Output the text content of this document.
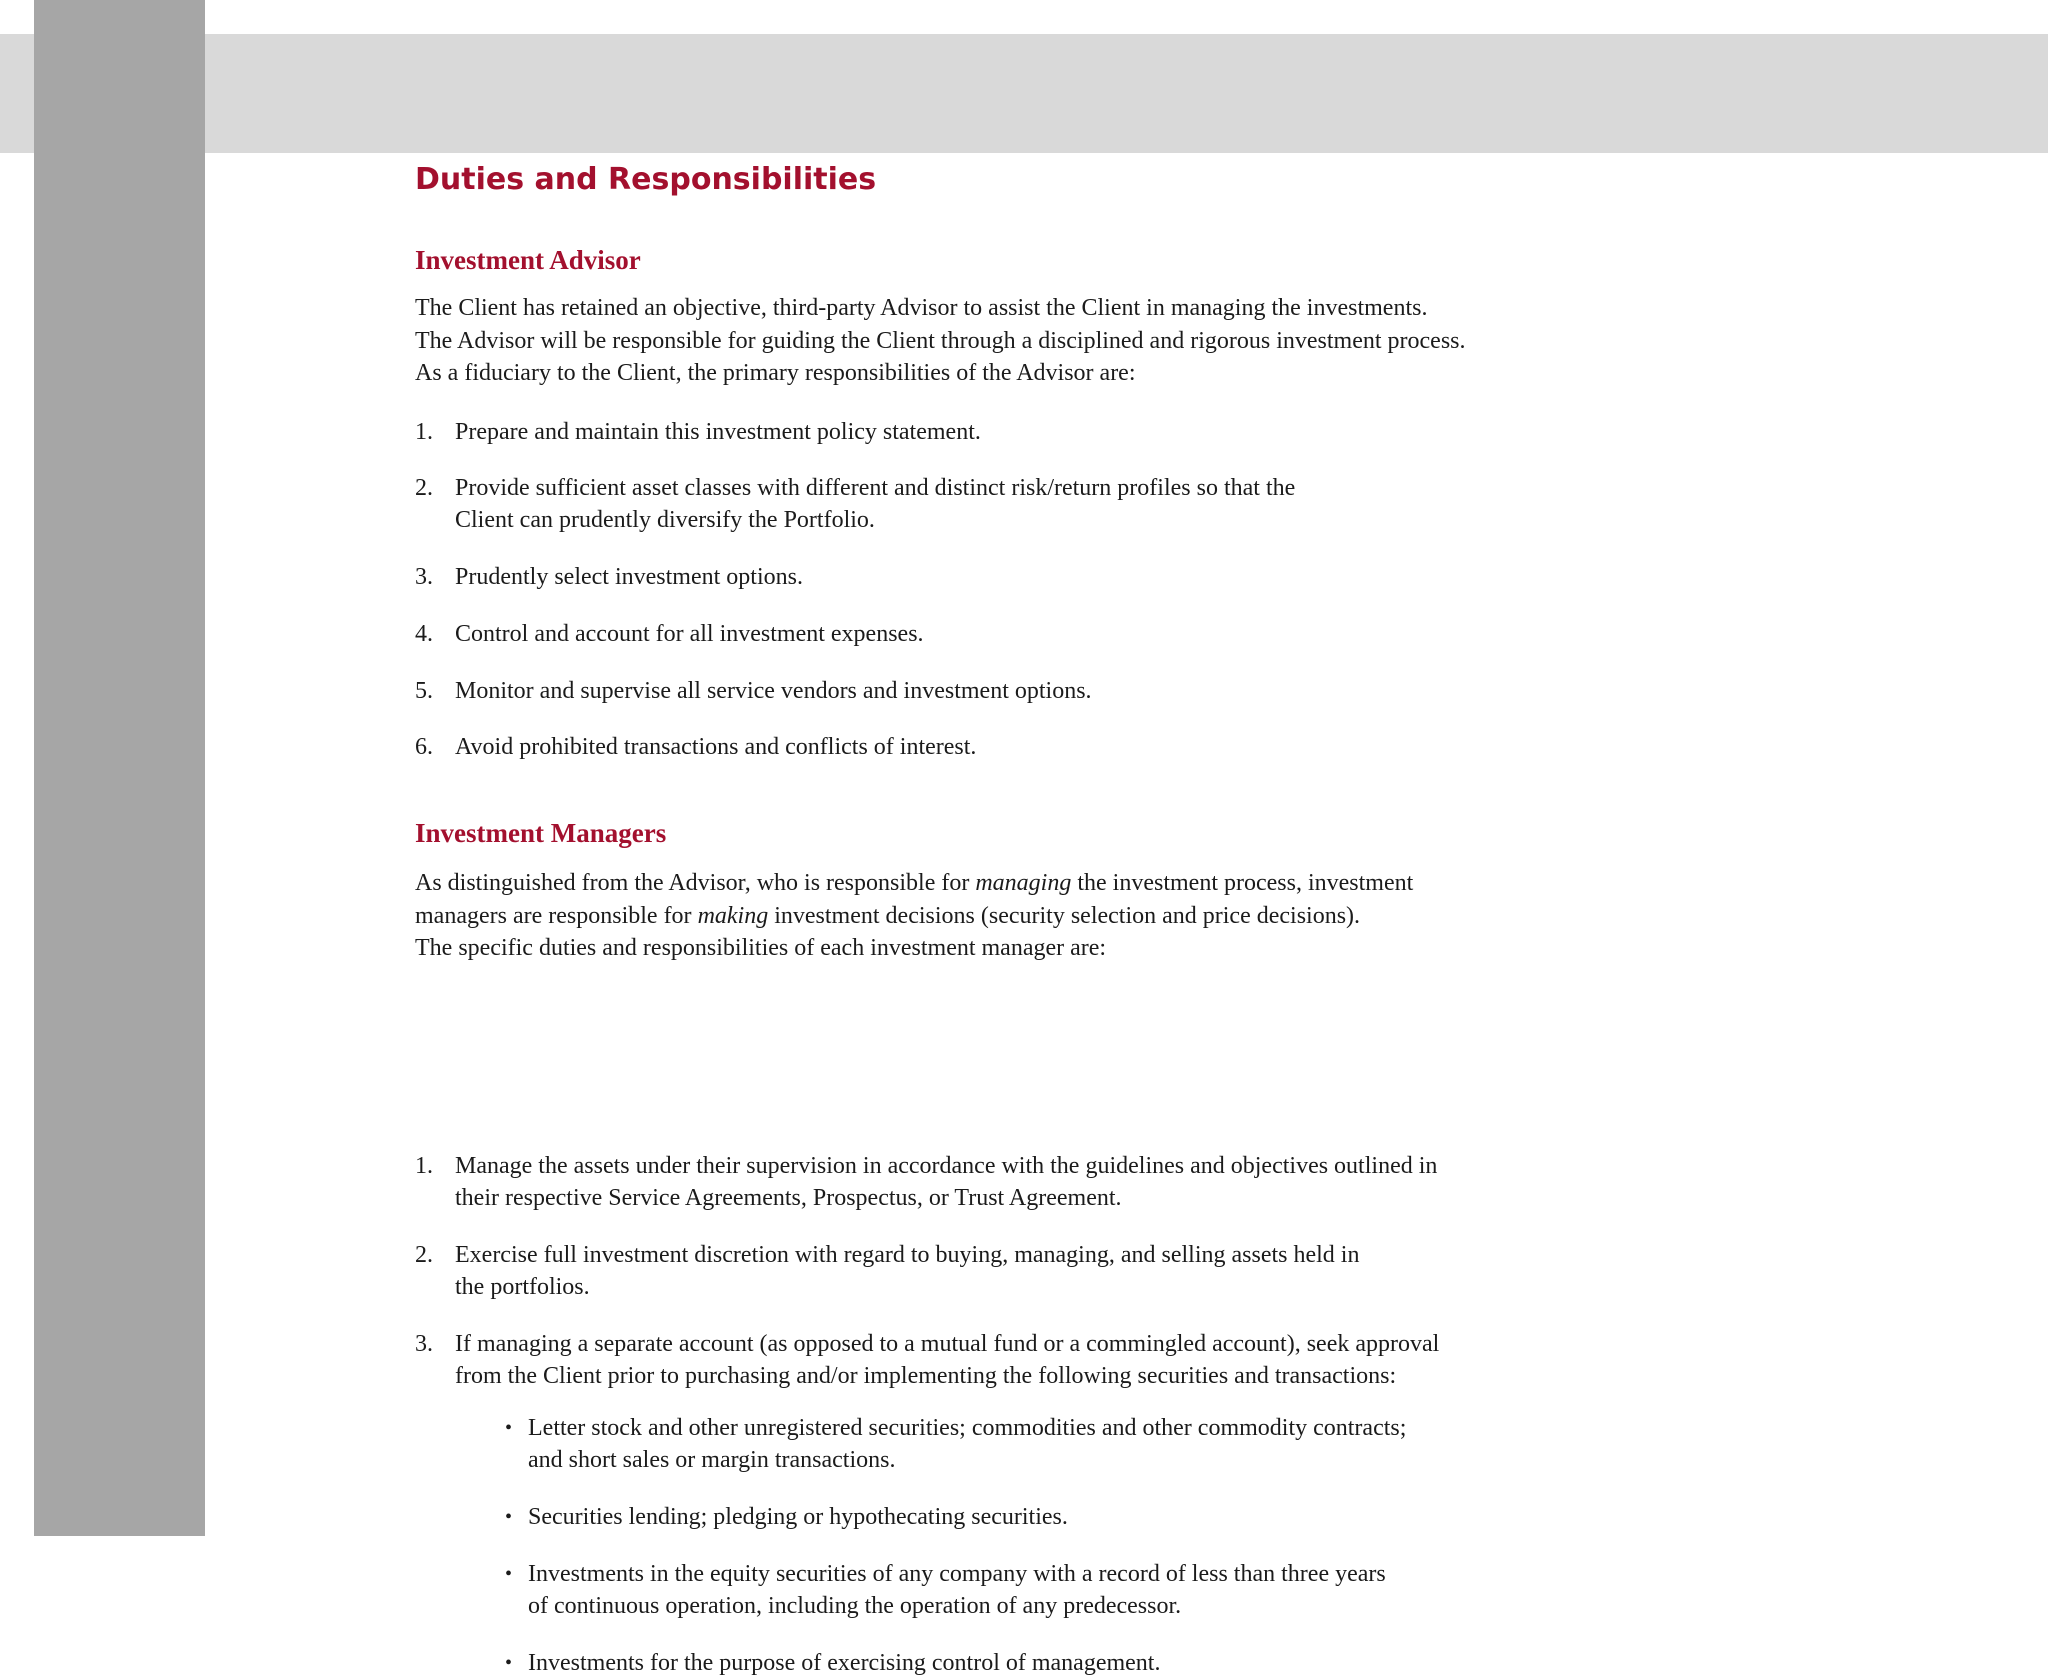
Duties and Responsibilities
Investment Advisor
The Client has retained an objective, third-party Advisor to assist the Client in managing the investments.
The Advisor will be responsible for guiding the Client through a disciplined and rigorous investment process.
As a fiduciary to the Client, the primary responsibilities of the Advisor are:
1. Prepare and maintain this investment policy statement.
2. Provide sufficient asset classes with different and distinct risk/return profiles so that the
Client can prudently diversify the Portfolio.
3. Prudently select investment options.
4. Control and account for all investment expenses.
5. Monitor and supervise all service vendors and investment options.
6. Avoid prohibited transactions and conflicts of interest.
Investment Managers
As distinguished from the Advisor, who is responsible for managing the investment process, investment
managers are responsible for making investment decisions (security selection and price decisions).
The specific duties and responsibilities of each investment manager are:
1. Manage the assets under their supervision in accordance with the guidelines and objectives outlined in
their respective Service Agreements, Prospectus, or Trust Agreement.
2. Exercise full investment discretion with regard to buying, managing, and selling assets held in
the portfolios.
3. If managing a separate account (as opposed to a mutual fund or a commingled account), seek approval
from the Client prior to purchasing and/or implementing the following securities and transactions:
• Letter stock and other unregistered securities; commodities and other commodity contracts;
and short sales or margin transactions.
• Securities lending; pledging or hypothecating securities.
• Investments in the equity securities of any company with a record of less than three years
of continuous operation, including the operation of any predecessor.
• Investments for the purpose of exercising control of management.
